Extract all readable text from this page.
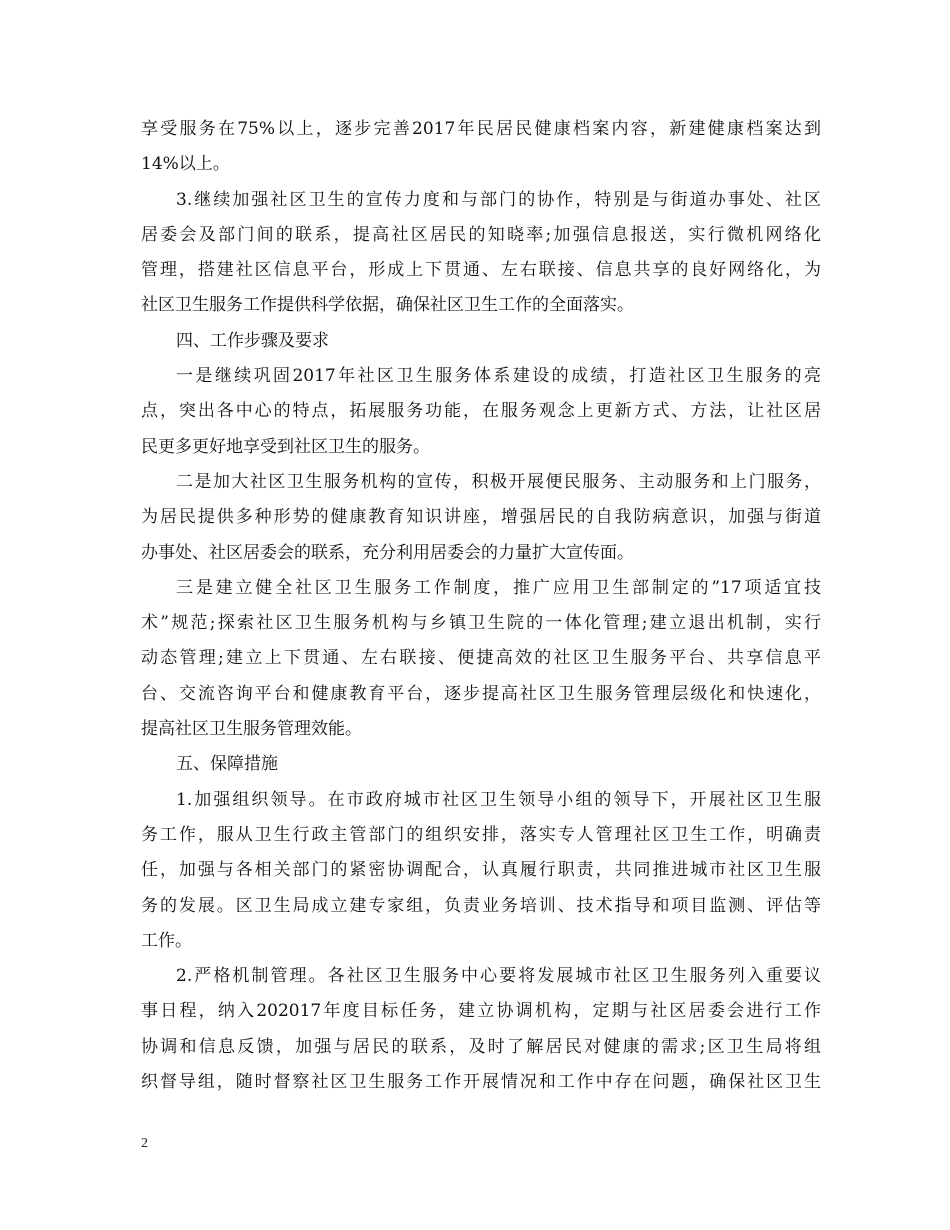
享受服务在75%以上，逐步完善2017年民居民健康档案内容，新建健康档案达到
14%以上。
3.继续加强社区卫生的宣传力度和与部门的协作，特别是与街道办事处、社区
居委会及部门间的联系，提高社区居民的知晓率;加强信息报送，实行微机网络化
管理，搭建社区信息平台，形成上下贯通、左右联接、信息共享的良好网络化，为
社区卫生服务工作提供科学依据，确保社区卫生工作的全面落实。
四、工作步骤及要求
一是继续巩固2017年社区卫生服务体系建设的成绩，打造社区卫生服务的亮
点，突出各中心的特点，拓展服务功能，在服务观念上更新方式、方法，让社区居
民更多更好地享受到社区卫生的服务。
二是加大社区卫生服务机构的宣传，积极开展便民服务、主动服务和上门服务，
为居民提供多种形势的健康教育知识讲座，增强居民的自我防病意识，加强与街道
办事处、社区居委会的联系，充分利用居委会的力量扩大宣传面。
三是建立健全社区卫生服务工作制度，推广应用卫生部制定的”17项适宜技
术”规范;探索社区卫生服务机构与乡镇卫生院的一体化管理;建立退出机制，实行
动态管理;建立上下贯通、左右联接、便捷高效的社区卫生服务平台、共享信息平
台、交流咨询平台和健康教育平台，逐步提高社区卫生服务管理层级化和快速化，
提高社区卫生服务管理效能。
五、保障措施
1.加强组织领导。在市政府城市社区卫生领导小组的领导下，开展社区卫生服
务工作，服从卫生行政主管部门的组织安排，落实专人管理社区卫生工作，明确责
任，加强与各相关部门的紧密协调配合，认真履行职责，共同推进城市社区卫生服
务的发展。区卫生局成立建专家组，负责业务培训、技术指导和项目监测、评估等
工作。
2.严格机制管理。各社区卫生服务中心要将发展城市社区卫生服务列入重要议
事日程，纳入202017年度目标任务，建立协调机构，定期与社区居委会进行工作
协调和信息反馈，加强与居民的联系，及时了解居民对健康的需求;区卫生局将组
织督导组，随时督察社区卫生服务工作开展情况和工作中存在问题，确保社区卫生
2
